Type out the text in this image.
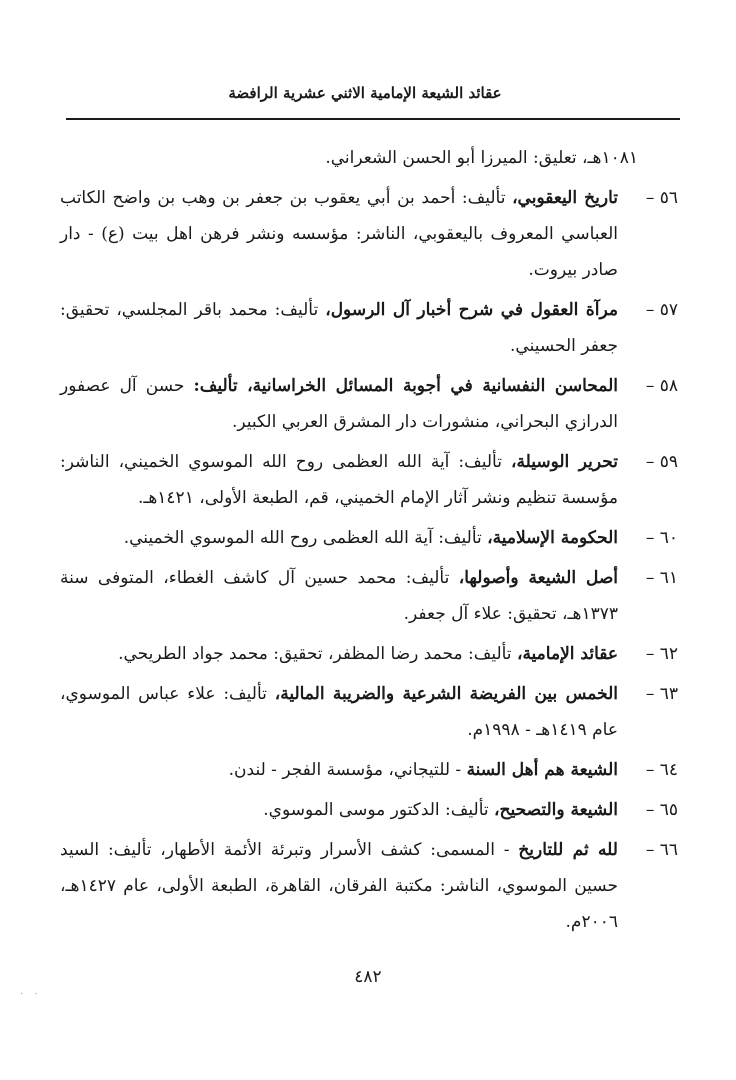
عقائد الشيعة الإمامية الاثني عشرية الرافضة

١٠٨١هـ، تعليق: الميرزا أبو الحسن الشعراني.

٥٦ –
تاريخ اليعقوبي، تأليف: أحمد بن أبي يعقوب بن جعفر بن وهب بن واضح الكاتب العباسي المعروف باليعقوبي، الناشر: مؤسسه ونشر فرهن اهل بيت (ع) - دار صادر بيروت.

٥٧ –
مرآة العقول في شرح أخبار آل الرسول، تأليف: محمد باقر المجلسي، تحقيق: جعفر الحسيني.

٥٨ –
المحاسن النفسانية في أجوبة المسائل الخراسانية، تأليف: حسن آل عصفور الدرازي البحراني، منشورات دار المشرق العربي الكبير.

٥٩ –
تحرير الوسيلة، تأليف: آية الله العظمى روح الله الموسوي الخميني، الناشر: مؤسسة تنظيم ونشر آثار الإمام الخميني، قم، الطبعة الأولى، ١٤٢١هـ.

٦٠ –
الحكومة الإسلامية، تأليف: آية الله العظمى روح الله الموسوي الخميني.

٦١ –
أصل الشيعة وأصولها، تأليف: محمد حسين آل كاشف الغطاء، المتوفى سنة ١٣٧٣هـ، تحقيق: علاء آل جعفر.

٦٢ –
عقائد الإمامية، تأليف: محمد رضا المظفر، تحقيق: محمد جواد الطريحي.

٦٣ –
الخمس بين الفريضة الشرعية والضريبة المالية، تأليف: علاء عباس الموسوي، عام ١٤١٩هـ - ١٩٩٨م.

٦٤ –
الشيعة هم أهل السنة - للتيجاني، مؤسسة الفجر - لندن.

٦٥ –
الشيعة والتصحيح، تأليف: الدكتور موسى الموسوي.

٦٦ –
لله ثم للتاريخ - المسمى: كشف الأسرار وتبرئة الأئمة الأطهار، تأليف: السيد حسين الموسوي، الناشر: مكتبة الفرقان، القاهرة، الطبعة الأولى، عام ١٤٢٧هـ، ٢٠٠٦م.

٤٨٢
. .
